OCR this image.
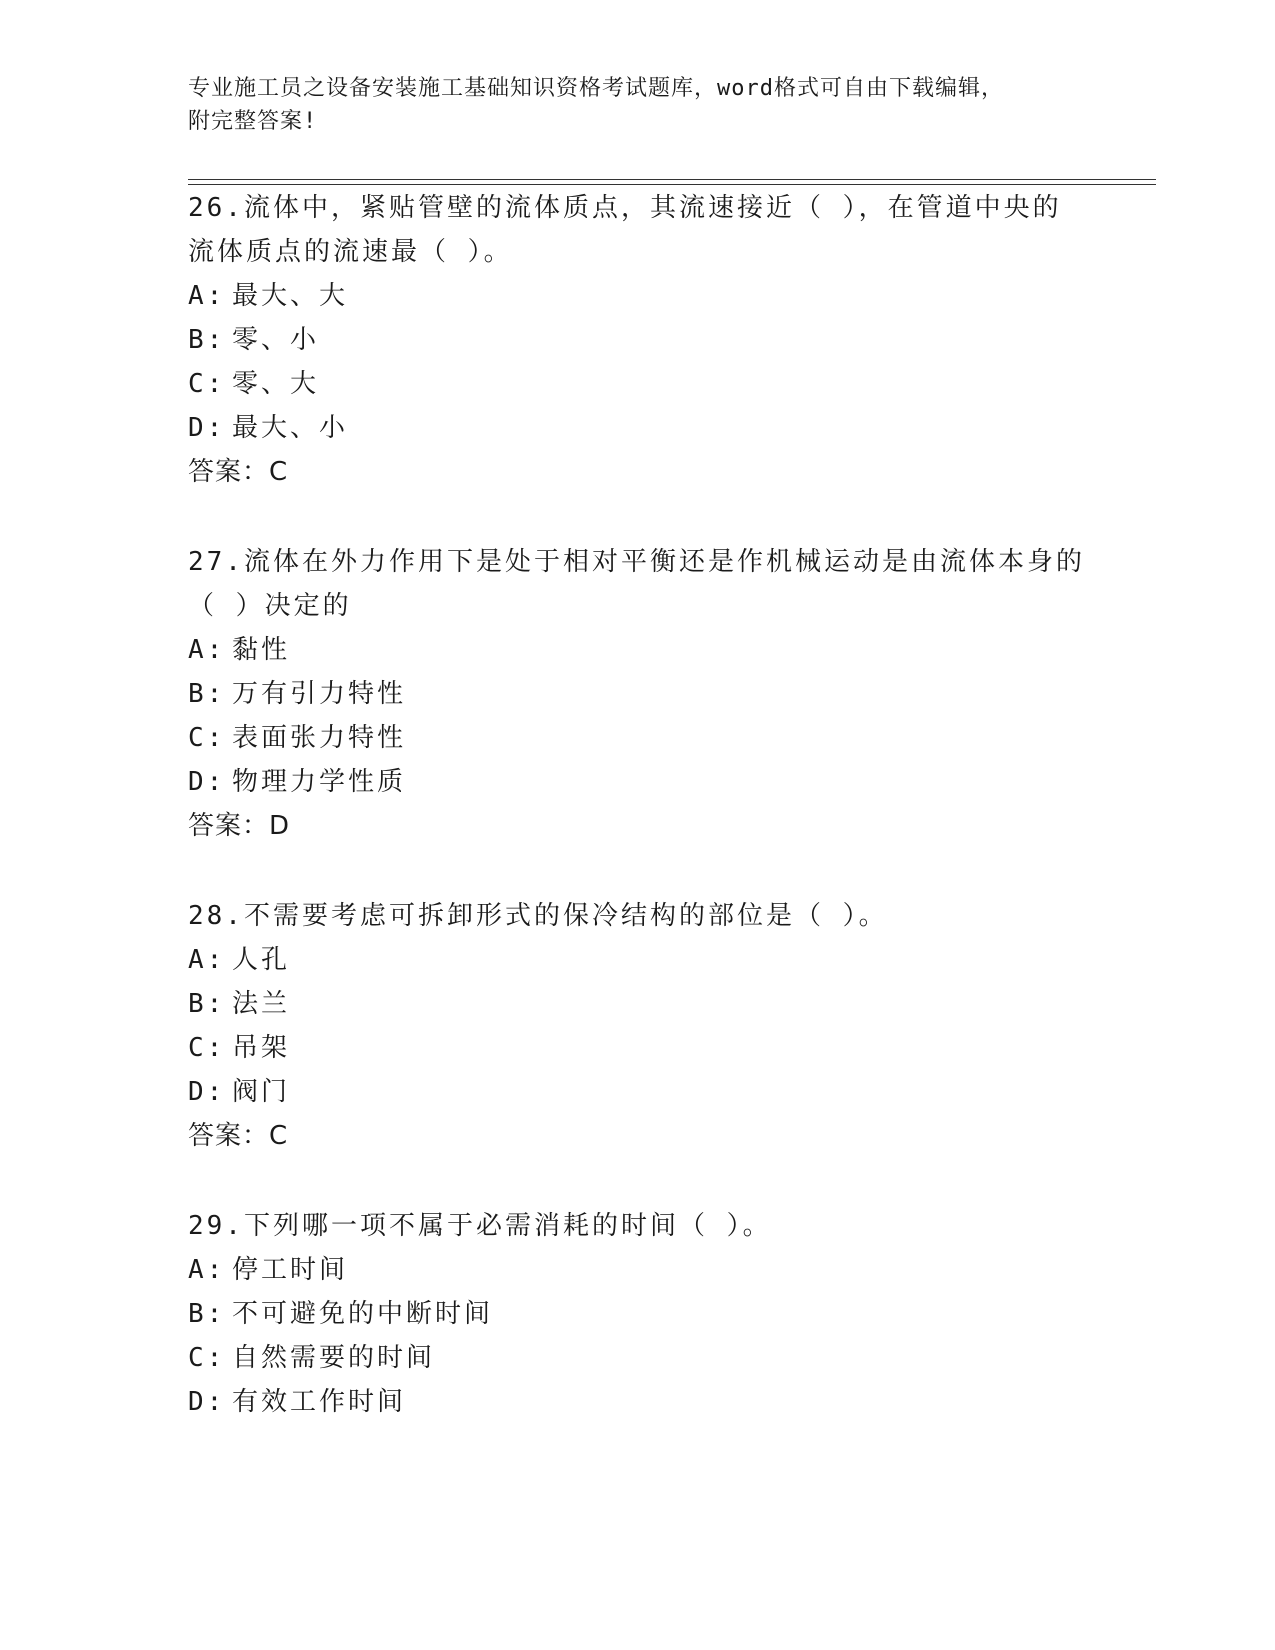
专业施工员之设备安装施工基础知识资格考试题库，word格式可自由下载编辑，
附完整答案!
26.流体中，紧贴管壁的流体质点，其流速接近（ ），在管道中央的
流体质点的流速最（ ）。
A: 最大、大
B: 零、小
C: 零、大
D: 最大、小
答案：C
27.流体在外力作用下是处于相对平衡还是作机械运动是由流体本身的
（ ）决定的
A: 黏性
B: 万有引力特性
C: 表面张力特性
D: 物理力学性质
答案：D
28.不需要考虑可拆卸形式的保冷结构的部位是（ ）。
A: 人孔
B: 法兰
C: 吊架
D: 阀门
答案：C
29.下列哪一项不属于必需消耗的时间（ ）。
A: 停工时间
B: 不可避免的中断时间
C: 自然需要的时间
D: 有效工作时间
